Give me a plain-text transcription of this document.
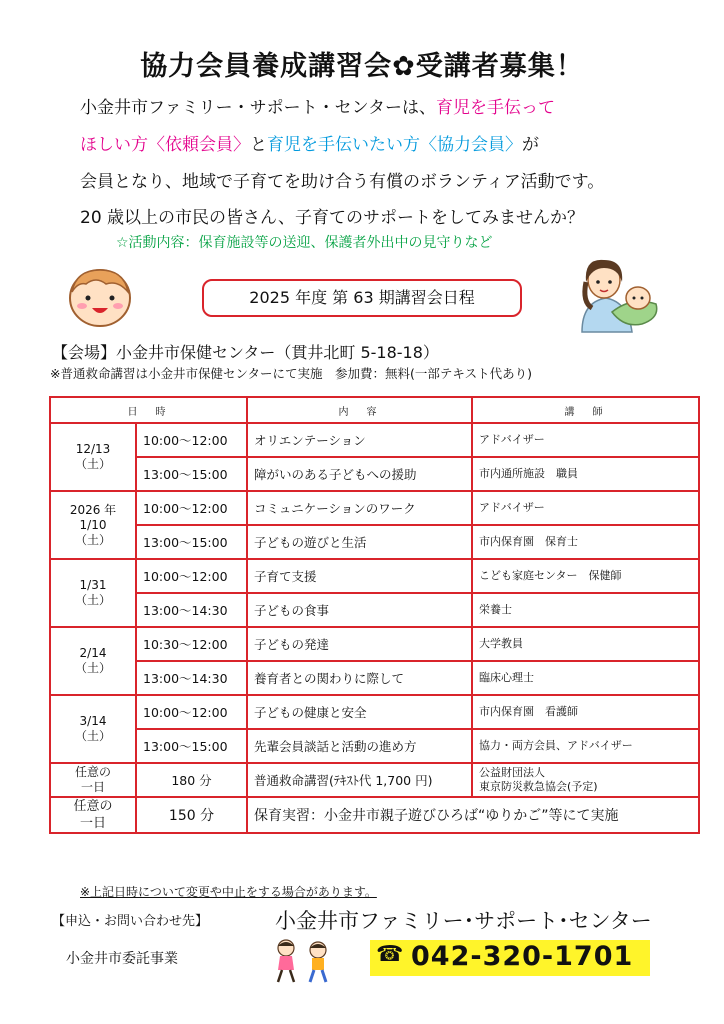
協力会員養成講習会✿受講者募集！
小金井市ファミリー・サポート・センターは、育児を手伝って
ほしい方〈依頼会員〉と育児を手伝いたい方〈協力会員〉が
会員となり、地域で子育てを助け合う有償のボランティア活動です。
20 歳以上の市民の皆さん、子育てのサポートをしてみませんか？
☆活動内容：保育施設等の送迎、保護者外出中の見守りなど
2025 年度 第 63 期講習会日程
【会場】小金井市保健センター（貫井北町 5-18-18）
※普通救命講習は小金井市保健センターにて実施　参加費：無料(一部テキスト代あり)
日　時		内　容	講　師
12/13
（土）	10:00～12:00	オリエンテーション	アドバイザー
	13:00～15:00	障がいのある子どもへの援助	市内通所施設　職員
2026 年
1/10
（土）	10:00～12:00	コミュニケーションのワーク	アドバイザー
	13:00～15:00	子どもの遊びと生活	市内保育園　保育士
1/31
（土）	10:00～12:00	子育て支援	こども家庭センター　保健師
	13:00～14:30	子どもの食事	栄養士
2/14
（土）	10:30～12:00	子どもの発達	大学教員
	13:00～14:30	養育者との関わりに際して	臨床心理士
3/14
（土）	10:00～12:00	子どもの健康と安全	市内保育園　看護師
	13:00～15:00	先輩会員談話と活動の進め方	協力・両方会員、アドバイザー
任意の
一日	180 分	普通救命講習(ﾃｷｽﾄ代 1,700 円)	公益財団法人
東京防災救急協会(予定)
任意の
一日	150 分	保育実習：小金井市親子遊びひろば“ゆりかご”等にて実施	
※上記日時について変更や中止をする場合があります。
【申込・お問い合わせ先】	小金井市ファミリー･サポート･センター
小金井市委託事業	☎ 042-320-1701
